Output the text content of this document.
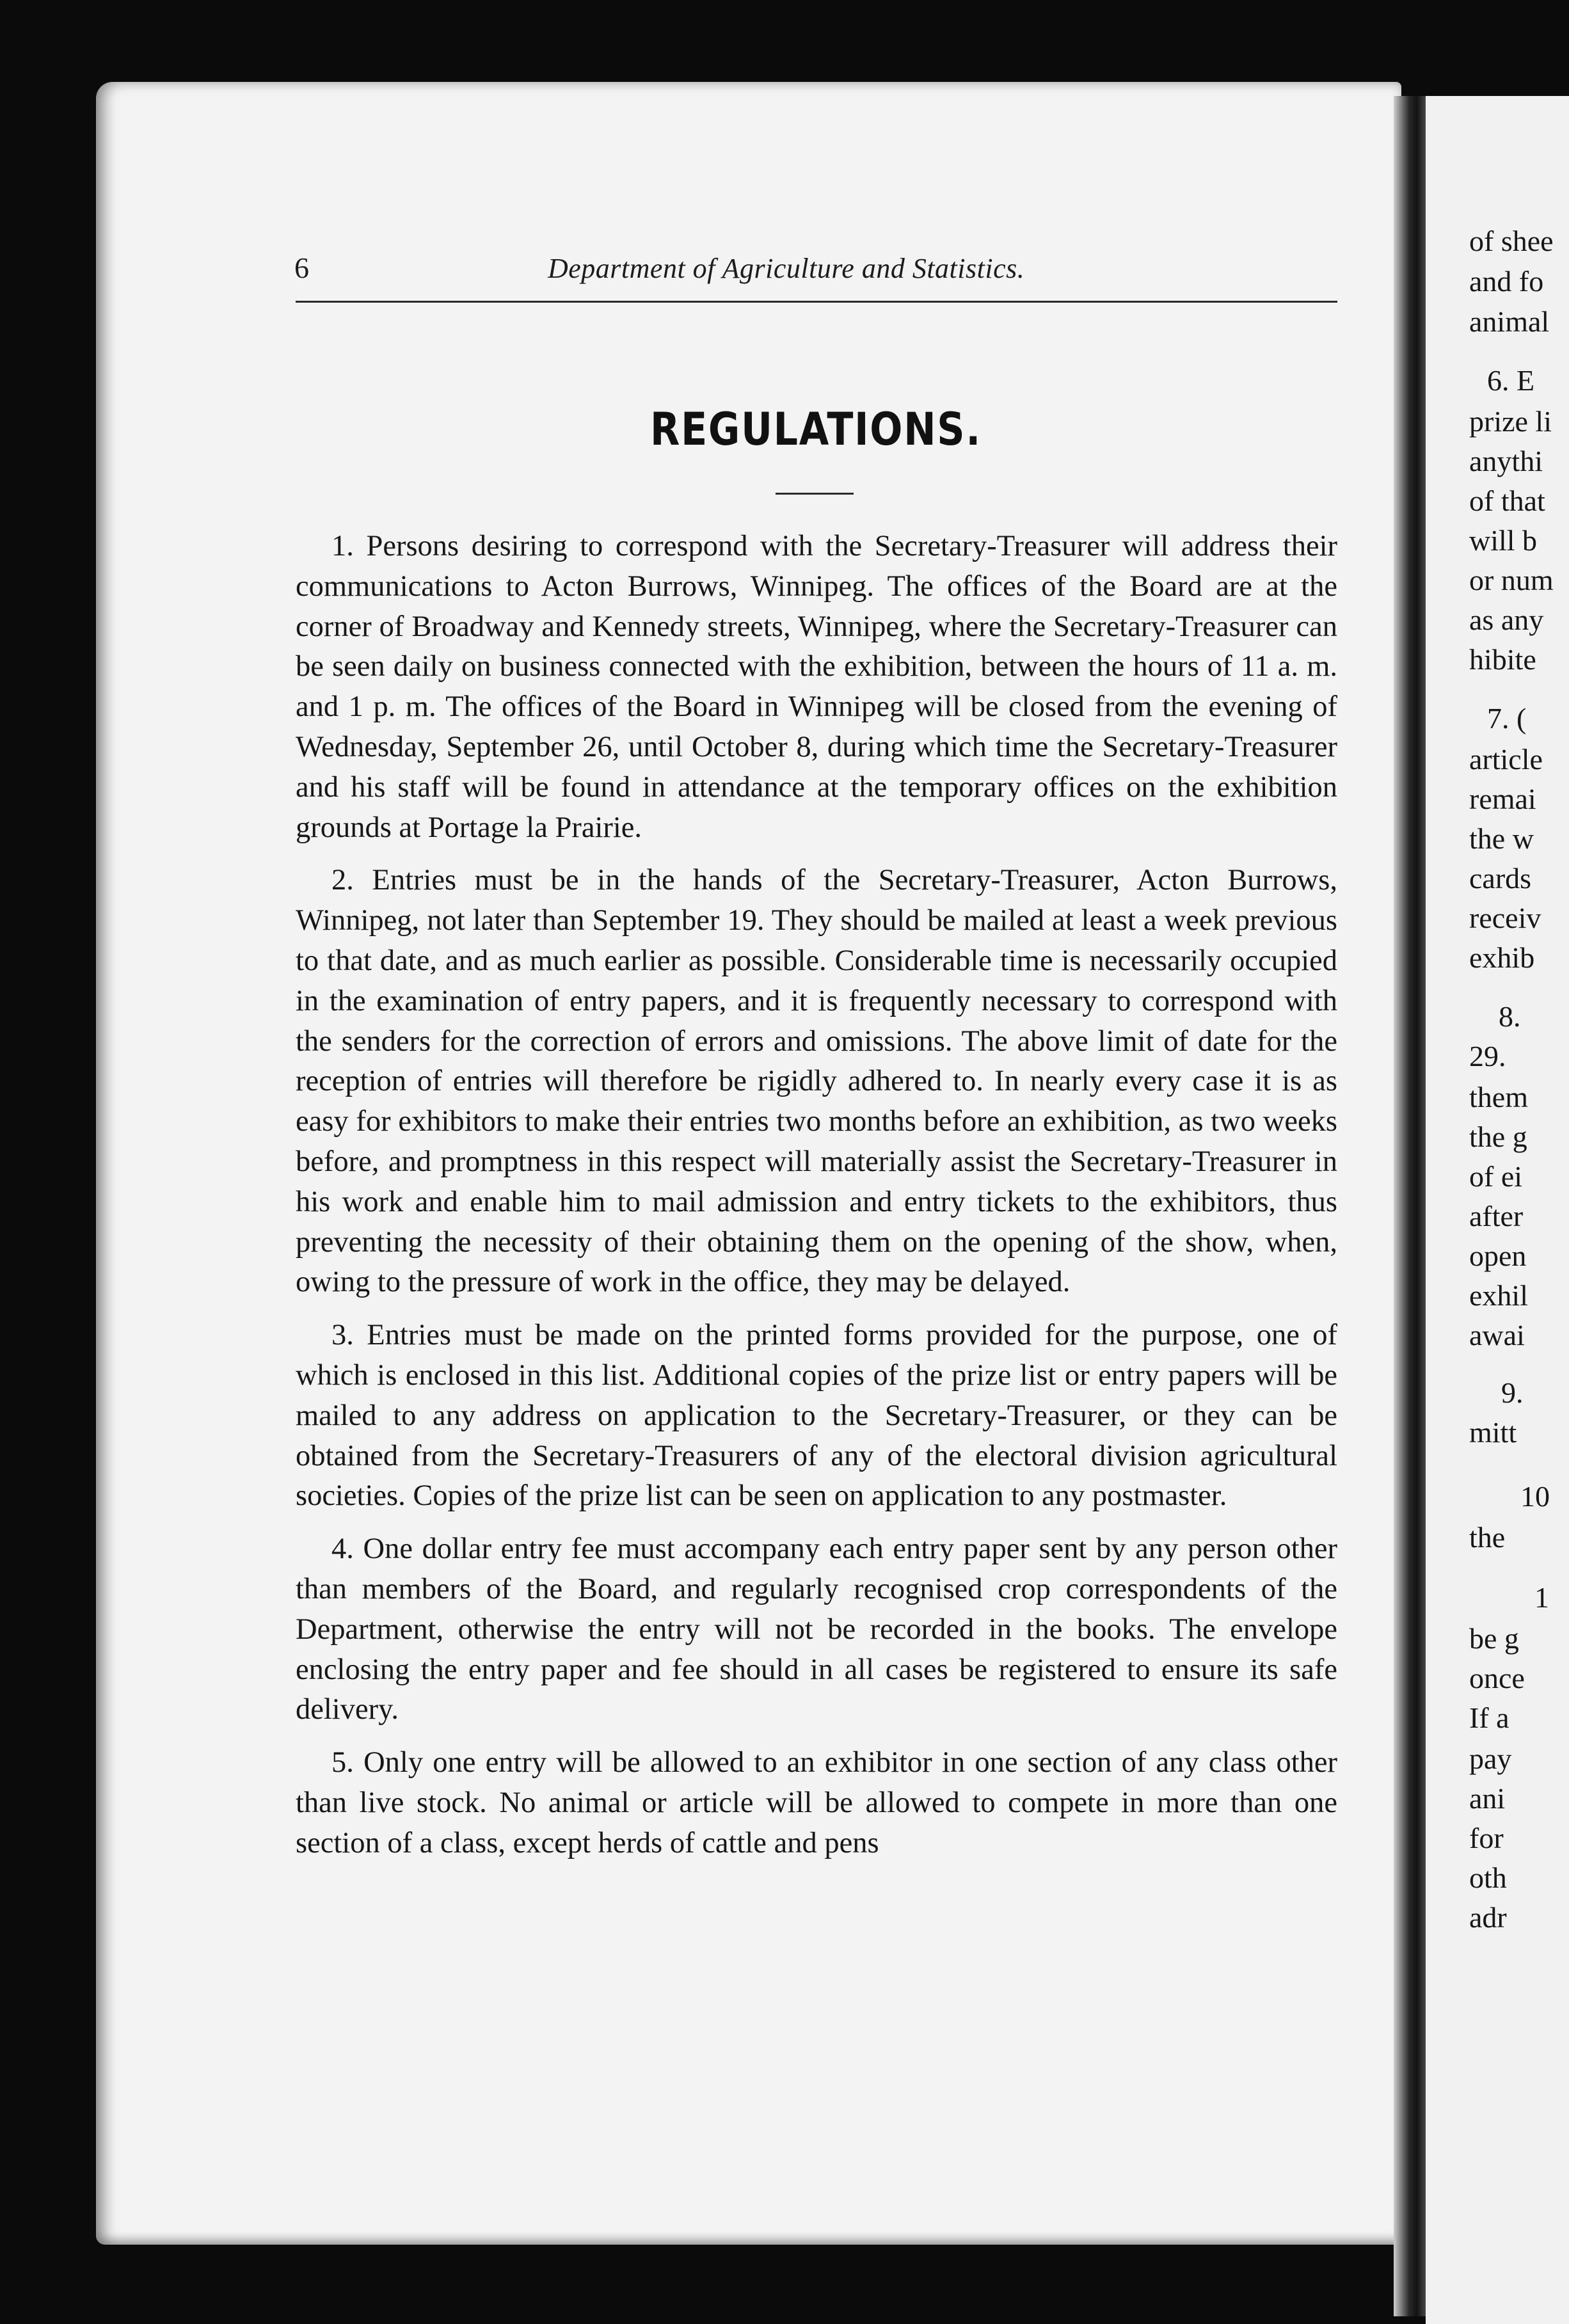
of shee
and fo
animal
6. E
prize li
anythi
of that
will b
or num
as any
hibite
7. (
article
remai
the w
cards
receiv
exhib
8.
29.
them
the g
of ei
after
open
exhil
awai
9.
mitt
10
the
1
be g
once
If a
pay
ani
for
oth
adr
6	Department of Agriculture and Statistics.
REGULATIONS.

1. Persons desiring to correspond with the Secretary-Treasurer will address their communications to Acton Burrows, Winnipeg. The offices of the Board are at the corner of Broadway and Kennedy streets, Winnipeg, where the Secretary-Treasurer can be seen daily on business connected with the exhibition, between the hours of 11 a. m. and 1 p. m. The offices of the Board in Winnipeg will be closed from the evening of Wednesday, September 26, until October 8, during which time the Secretary-Treasurer and his staff will be found in attendance at the temporary offices on the exhibition grounds at Portage la Prairie.

2. Entries must be in the hands of the Secretary-Treasurer, Acton Burrows, Winnipeg, not later than September 19. They should be mailed at least a week previous to that date, and as much earlier as possible. Considerable time is necessarily occupied in the examination of entry papers, and it is frequently necessary to correspond with the senders for the correction of errors and omissions. The above limit of date for the reception of entries will therefore be rigidly adhered to. In nearly every case it is as easy for exhibitors to make their entries two months before an exhibition, as two weeks before, and promptness in this respect will materially assist the Secretary-Treasurer in his work and enable him to mail admission and entry tickets to the exhibitors, thus preventing the necessity of their obtaining them on the opening of the show, when, owing to the pressure of work in the office, they may be delayed.

3. Entries must be made on the printed forms provided for the purpose, one of which is enclosed in this list. Additional copies of the prize list or entry papers will be mailed to any address on application to the Secretary-Treasurer, or they can be obtained from the Secretary-Treasurers of any of the electoral division agricultural societies. Copies of the prize list can be seen on application to any postmaster.

4. One dollar entry fee must accompany each entry paper sent by any person other than members of the Board, and regularly recognised crop correspondents of the Department, otherwise the entry will not be recorded in the books. The envelope enclosing the entry paper and fee should in all cases be registered to ensure its safe delivery.

5. Only one entry will be allowed to an exhibitor in one section of any class other than live stock. No animal or article will be allowed to compete in more than one section of a class, except herds of cattle and pens
